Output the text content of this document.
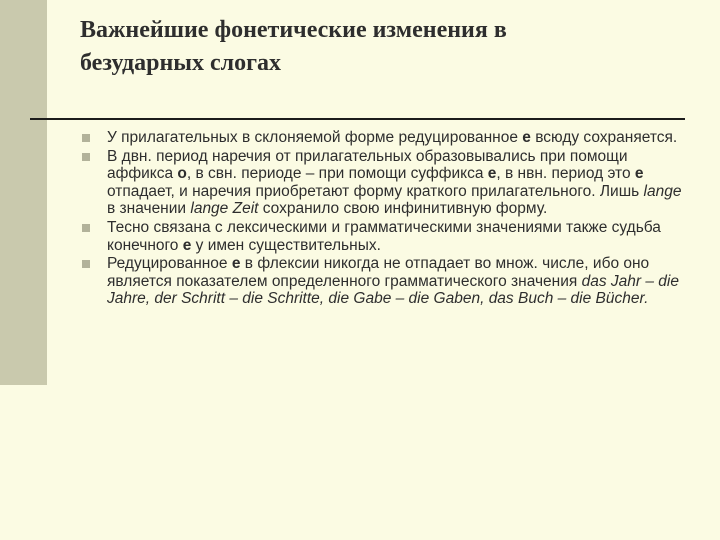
Важнейшие фонетические изменения в
безударных слогах
У прилагательных в склоняемой форме редуцированное е всюду сохраняется.
В двн. период наречия от прилагательных образовывались при помощи аффикса о, в свн. периоде – при помощи суффикса е, в нвн. период это е отпадает, и наречия приобретают форму краткого прилагательного. Лишь lange в значении lange Zeit сохранило свою инфинитивную форму.
Тесно связана с лексическими и грамматическими значениями также судьба конечного е у имен существительных.
Редуцированное е в флексии никогда не отпадает во множ. числе, ибо оно является показателем определенного грамматического значения das Jahr – die Jahre, der Schritt – die Schritte, die Gabe – die Gaben, das Buch – die Bücher.
